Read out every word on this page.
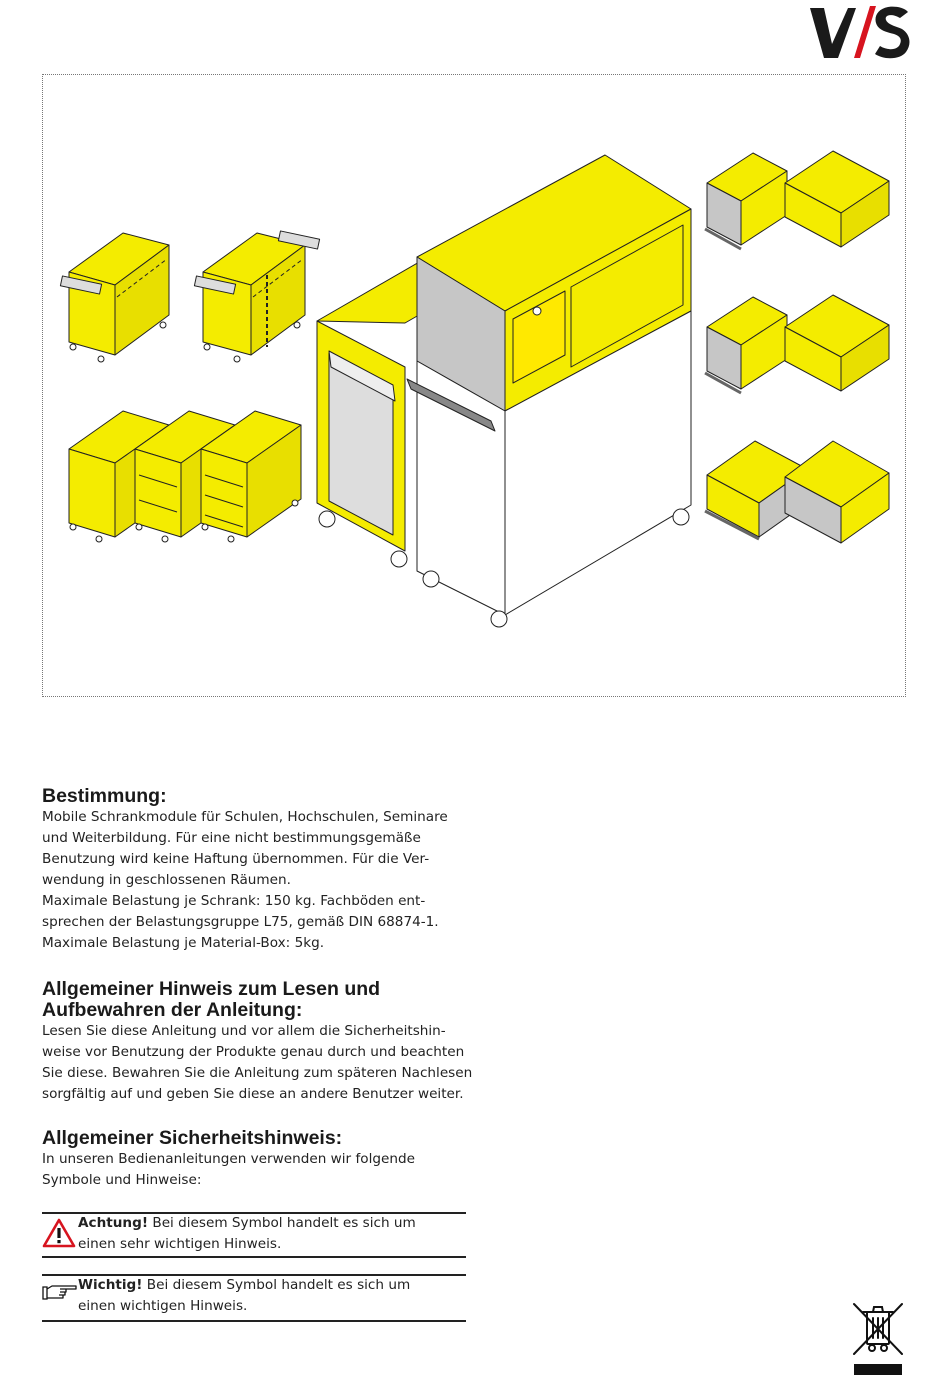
Bestimmung:

Mobile Schrankmodule für Schulen, Hochschulen, Seminare
und Weiterbildung. Für eine nicht bestimmungsgemäße
Benutzung wird keine Haftung übernommen. Für die Ver-
wendung in geschlossenen Räumen.
Maximale Belastung je Schrank: 150 kg. Fachböden ent-
sprechen der Belastungsgruppe L75, gemäß DIN 68874-1.
Maximale Belastung je Material-Box: 5kg.

Allgemeiner Hinweis zum Lesen und
Aufbewahren der Anleitung:

Lesen Sie diese Anleitung und vor allem die Sicherheitshin-
weise vor Benutzung der Produkte genau durch und beachten
Sie diese. Bewahren Sie die Anleitung zum späteren Nachlesen
sorgfältig auf und geben Sie diese an andere Benutzer weiter.

Allgemeiner Sicherheitshinweis:

In unseren Bedienanleitungen verwenden wir folgende
Symbole und Hinweise:

Achtung! Bei diesem Symbol handelt es sich um
einen sehr wichtigen Hinweis.
Wichtig! Bei diesem Symbol handelt es sich um
einen wichtigen Hinweis.
